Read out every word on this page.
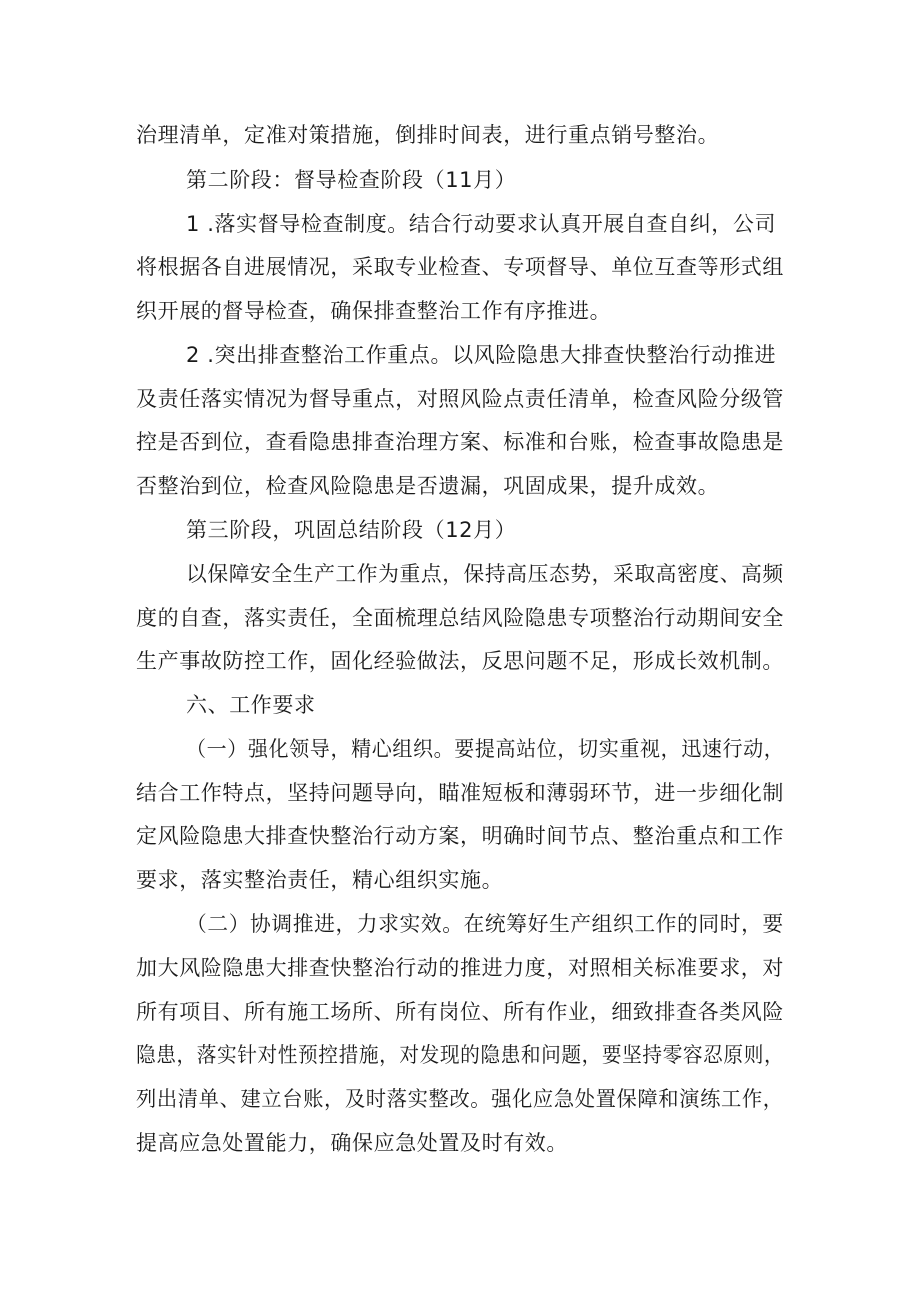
治理清单，定准对策措施，倒排时间表，进行重点销号整治。
第二阶段：督导检查阶段（11月）
1 .落实督导检查制度。结合行动要求认真开展自查自纠，公司
将根据各自进展情况，采取专业检查、专项督导、单位互查等形式组
织开展的督导检查，确保排查整治工作有序推进。
2 .突出排查整治工作重点。以风险隐患大排查快整治行动推进
及责任落实情况为督导重点，对照风险点责任清单，检查风险分级管
控是否到位，查看隐患排查治理方案、标准和台账，检查事故隐患是
否整治到位，检查风险隐患是否遗漏，巩固成果，提升成效。
第三阶段，巩固总结阶段（12月）
以保障安全生产工作为重点，保持高压态势，采取高密度、高频
度的自查，落实责任，全面梳理总结风险隐患专项整治行动期间安全
生产事故防控工作，固化经验做法，反思问题不足，形成长效机制。
六、工作要求
（一）强化领导，精心组织。要提高站位，切实重视，迅速行动，
结合工作特点，坚持问题导向，瞄准短板和薄弱环节，进一步细化制
定风险隐患大排查快整治行动方案，明确时间节点、整治重点和工作
要求，落实整治责任，精心组织实施。
（二）协调推进，力求实效。在统筹好生产组织工作的同时，要
加大风险隐患大排查快整治行动的推进力度，对照相关标准要求，对
所有项目、所有施工场所、所有岗位、所有作业，细致排查各类风险
隐患，落实针对性预控措施，对发现的隐患和问题，要坚持零容忍原则，
列出清单、建立台账，及时落实整改。强化应急处置保障和演练工作，
提高应急处置能力，确保应急处置及时有效。
